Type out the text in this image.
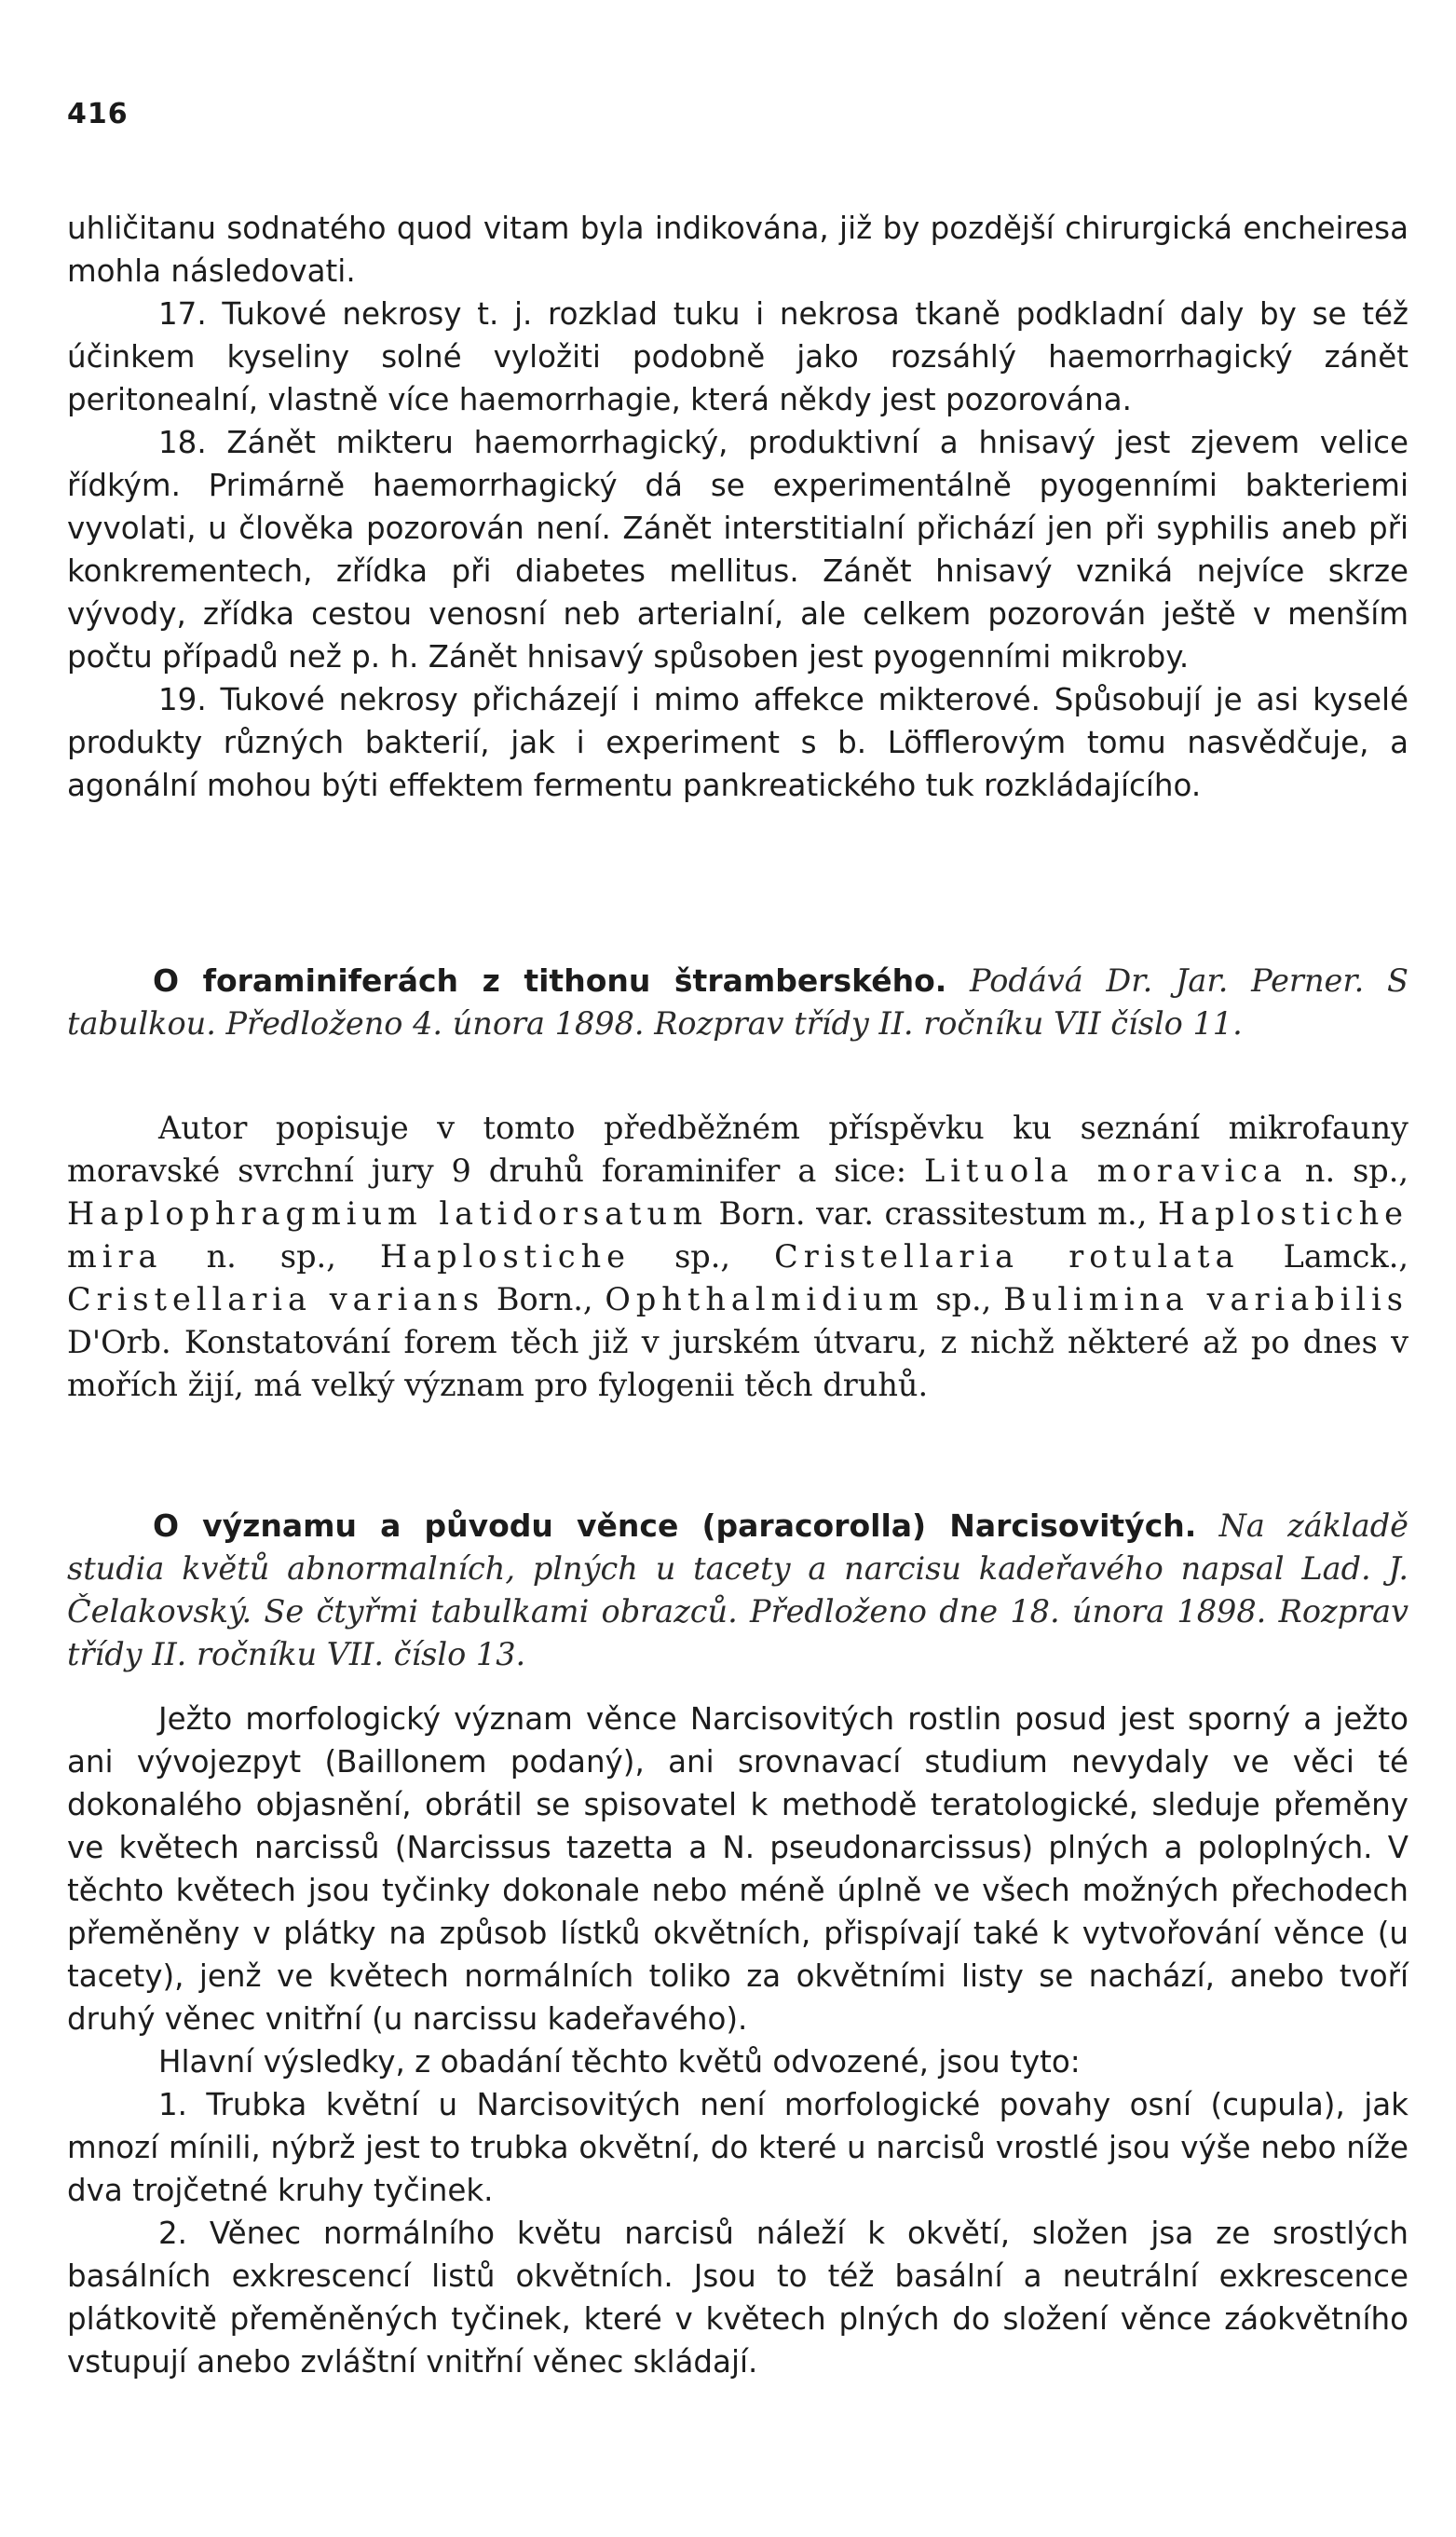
416

uhličitanu sodnatého quod vitam byla indikována, již by pozdější chirurgická encheiresa mohla následovati.

17. Tukové nekrosy t. j. rozklad tuku i nekrosa tkaně podkladní daly by se též účinkem kyseliny solné vyložiti podobně jako rozsáhlý haemorrhagický zánět peritonealní, vlastně více haemorrhagie, která někdy jest pozorována.

18. Zánět mikteru haemorrhagický, produktivní a hnisavý jest zjevem velice řídkým. Primárně haemorrhagický dá se experimentálně pyogenními bakteriemi vyvolati, u člověka pozorován není. Zánět interstitialní přichází jen při syphilis aneb při konkrementech, zřídka při diabetes mellitus. Zánět hnisavý vzniká nejvíce skrze vývody, zřídka cestou venosní neb arterialní, ale celkem pozorován ještě v menším počtu případů než p. h. Zánět hnisavý spůsoben jest pyogenními mikroby.

19. Tukové nekrosy přicházejí i mimo affekce mikterové. Spůsobují je asi kyselé produkty různých bakterií, jak i experiment s b. Löfflerovým tomu nasvědčuje, a agonální mohou býti effektem fermentu pankreatického tuk rozkládajícího.

O foraminiferách z tithonu štramberského. Podává Dr. Jar. Perner. S tabulkou. Předloženo 4. února 1898. Rozprav třídy II. ročníku VII číslo 11.

Autor popisuje v tomto předběžném příspěvku ku seznání mikrofauny moravské svrchní jury 9 druhů foraminifer a sice: Lituola moravica n. sp., Haplophragmium latidorsatum Born. var. crassitestum m., Haplostiche mira n. sp., Haplostiche sp., Cristellaria rotulata Lamck., Cristellaria varians Born., Ophthalmidium sp., Bulimina variabilis D'Orb. Konstatování forem těch již v jurském útvaru, z nichž některé až po dnes v mořích žijí, má velký význam pro fylogenii těch druhů.

O významu a původu věnce (paracorolla) Narcisovitých. Na základě studia květů abnormalních, plných u tacety a narcisu kadeřavého napsal Lad. J. Čelakovský. Se čtyřmi tabulkami obrazců. Předloženo dne 18. února 1898. Rozprav třídy II. ročníku VII. číslo 13.

Ježto morfologický význam věnce Narcisovitých rostlin posud jest sporný a ježto ani vývojezpyt (Baillonem podaný), ani srovnavací studium nevydaly ve věci té dokonalého objasnění, obrátil se spisovatel k methodě teratologické, sleduje přeměny ve květech narcissů (Narcissus tazetta a N. pseudonarcissus) plných a poloplných. V těchto květech jsou tyčinky dokonale nebo méně úplně ve všech možných přechodech přeměněny v plátky na způsob lístků okvětních, přispívají také k vytvořování věnce (u tacety), jenž ve květech normálních toliko za okvětními listy se nachází, anebo tvoří druhý věnec vnitřní (u narcissu kadeřavého).

Hlavní výsledky, z obadání těchto květů odvozené, jsou tyto:

1. Trubka květní u Narcisovitých není morfologické povahy osní (cupula), jak mnozí mínili, nýbrž jest to trubka okvětní, do které u narcisů vrostlé jsou výše nebo níže dva trojčetné kruhy tyčinek.

2. Věnec normálního květu narcisů náleží k okvětí, složen jsa ze srostlých basálních exkrescencí listů okvětních. Jsou to též basální a neutrální exkrescence plátkovitě přeměněných tyčinek, které v květech plných do složení věnce záokvětního vstupují anebo zvláštní vnitřní věnec skládají.
